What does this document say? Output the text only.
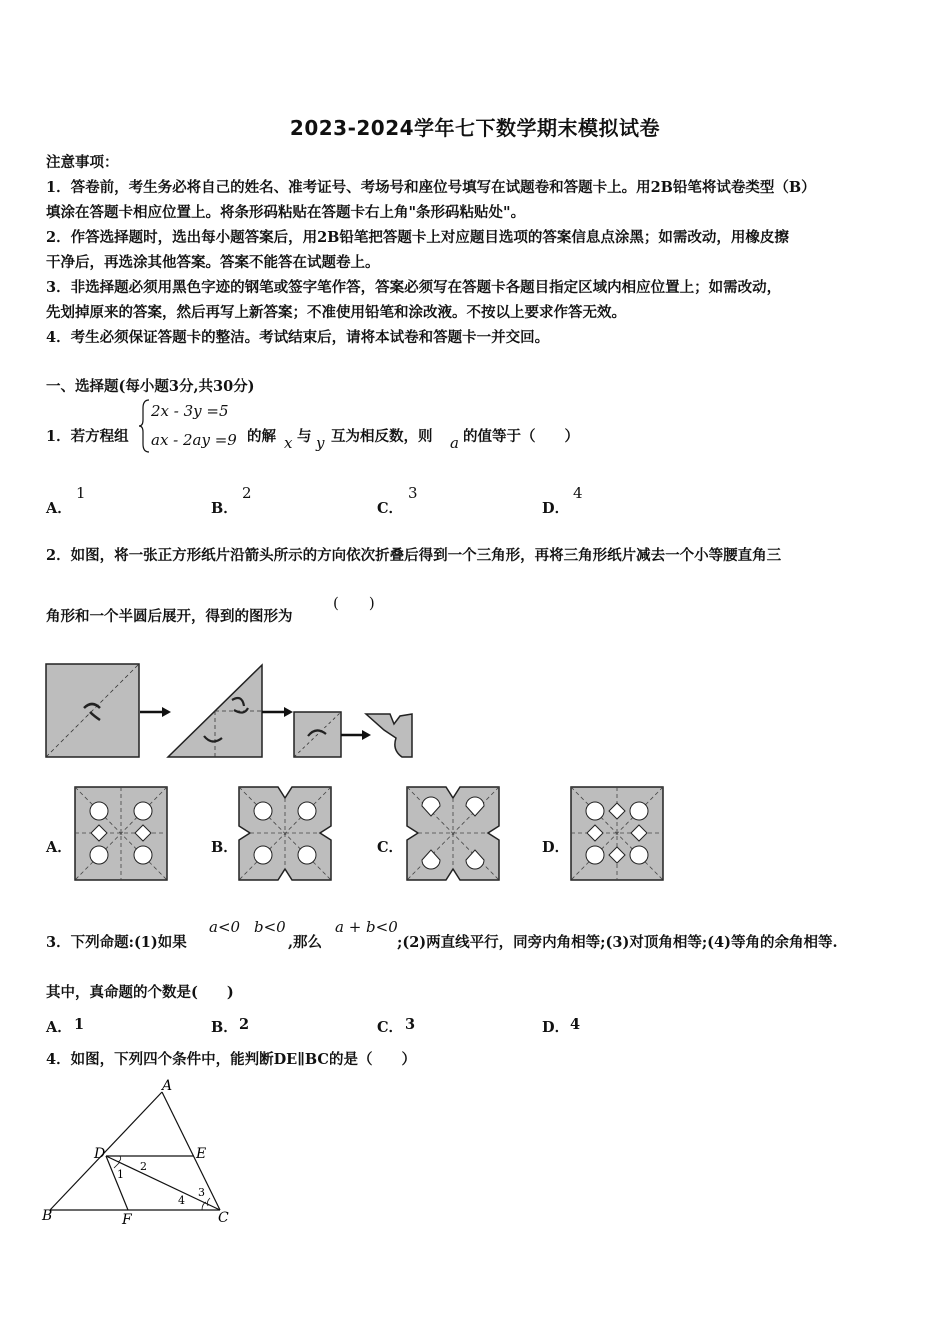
2023-2024学年七下数学期末模拟试卷
注意事项：
1．答卷前，考生务必将自己的姓名、准考证号、考场号和座位号填写在试题卷和答题卡上。用2B铅笔将试卷类型（B）
填涂在答题卡相应位置上。将条形码粘贴在答题卡右上角"条形码粘贴处"。
2．作答选择题时，选出每小题答案后，用2B铅笔把答题卡上对应题目选项的答案信息点涂黑；如需改动，用橡皮擦
干净后，再选涂其他答案。答案不能答在试题卷上。
3．非选择题必须用黑色字迹的钢笔或签字笔作答，答案必须写在答题卡各题目指定区域内相应位置上；如需改动，
先划掉原来的答案，然后再写上新答案；不准使用铅笔和涂改液。不按以上要求作答无效。
4．考生必须保证答题卡的整洁。考试结束后，请将本试卷和答题卡一并交回。
一、选择题(每小题3分,共30分)
1．若方程组
2x - 3y =5
ax - 2ay =9 的解 x 与 y 互为相反数，则	a 的值等于（　　）
A．
1
B．
2
C．
3
D．
4
2．如图，将一张正方形纸片沿箭头所示的方向依次折叠后得到一个三角形，再将三角形纸片减去一个小等腰直角三
角形和一个半圆后展开，得到的图形为
(　　)
A．	B．	C．	D．
3．下列命题:(1)如果
a<0 b<0
,那么
a + b<0
;(2)两直线平行，同旁内角相等;(3)对顶角相等;(4)等角的余角相等.
其中，真命题的个数是(　　)
A． 1	B． 2	C． 3	D． 4
4．如图，下列四个条件中，能判断DE∥BC的是（　　）
A
D	E
B	F	C
1
2
3
4
